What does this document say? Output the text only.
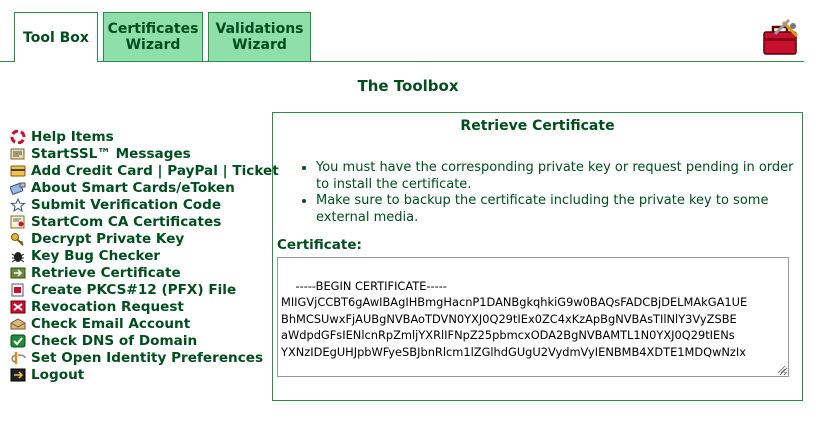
Tool Box
Certificates
Wizard
Validations
Wizard
The Toolbox
Help Items
StartSSL™ Messages
Add Credit Card | PayPal | Ticket
About Smart Cards/eToken
Submit Verification Code
StartCom CA Certificates
Decrypt Private Key
Key Bug Checker
Retrieve Certificate
Create PKCS#12 (PFX) File
Revocation Request
Check Email Account
Check DNS of Domain
Set Open Identity Preferences
Logout
Retrieve Certificate
• You must have the corresponding private key or request pending in order to install the certificate.
• Make sure to backup the certificate including the private key to some external media.
Certificate:

-----BEGIN CERTIFICATE-----
MIIGVjCCBT6gAwIBAgIHBmgHacnP1DANBgkqhkiG9w0BAQsFADCBjDELMAkGA1UE
BhMCSUwxFjAUBgNVBAoTDVN0YXJ0Q29tIEx0ZC4xKzApBgNVBAsTIlNlY3VyZSBE
aWdpdGFsIENlcnRpZmljYXRlIFNpZ25pbmcxODA2BgNVBAMTL1N0YXJ0Q29tIENs
YXNzIDEgUHJpbWFyeSBJbnRlcm1lZGlhdGUgU2VydmVyIENBMB4XDTE1MDQwNzIx
